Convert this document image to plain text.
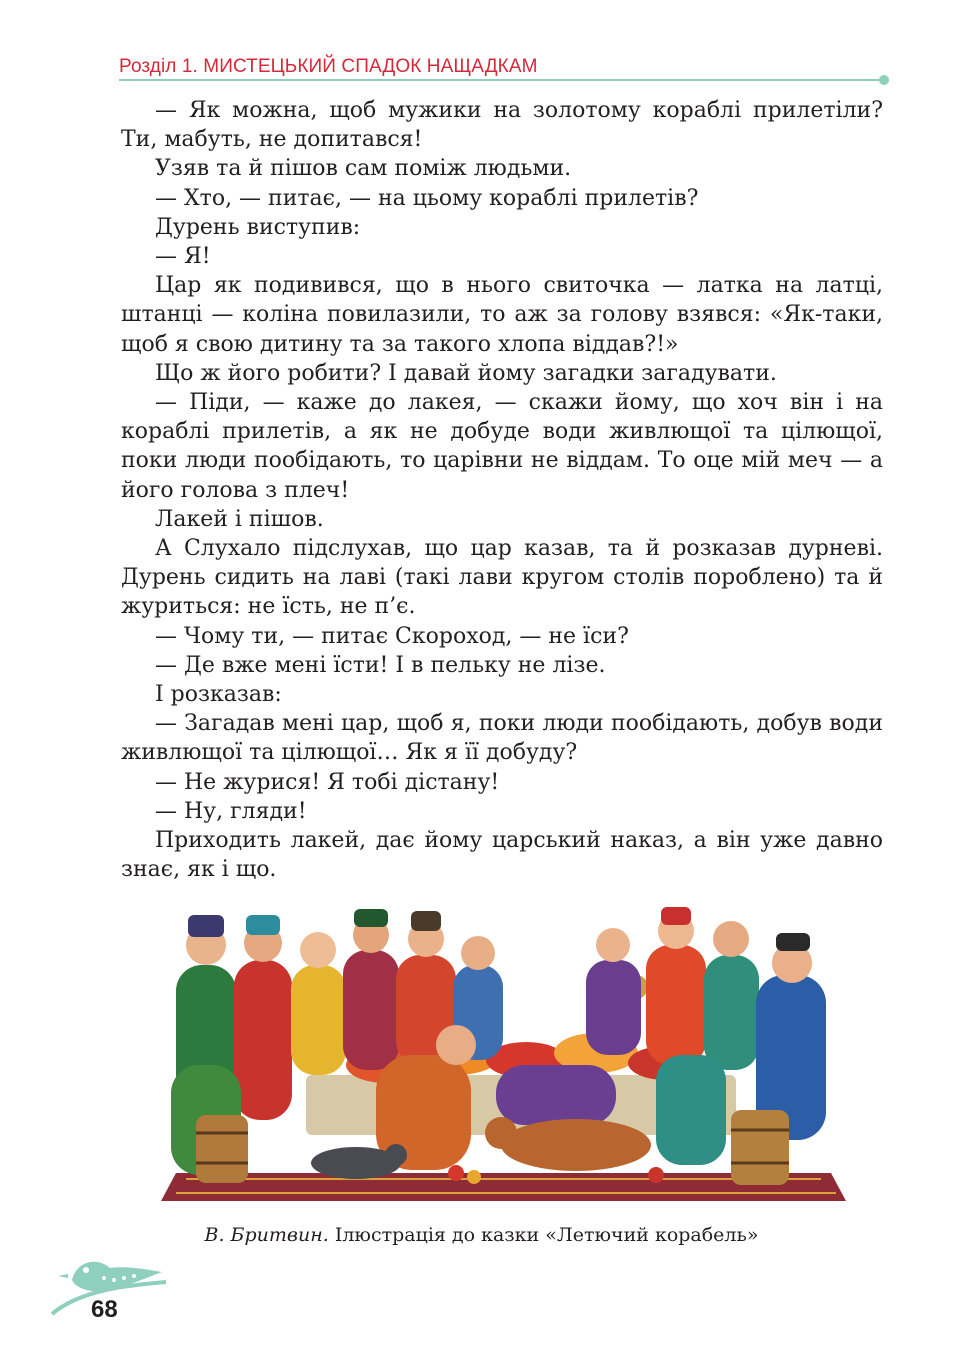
Розділ 1. МИСТЕЦЬКИЙ СПАДОК НАЩАДКАМ

— Як можна, щоб мужики на золотому кораблі прилетіли? Ти, мабуть, не допитався!

Узяв та й пішов сам поміж людьми.

— Хто, — питає, — на цьому кораблі прилетів?

Дурень виступив:

— Я!

Цар як подивився, що в нього свиточка — латка на латці, штанці — коліна повилазили, то аж за голову взявся: «Як-таки, щоб я свою дитину та за такого хлопа віддав?!»

Що ж його робити? І давай йому загадки загадувати.

— Піди, — каже до лакея, — скажи йому, що хоч він і на кораблі прилетів, а як не добуде води живлющої та цілющої, поки люди пообідають, то царівни не віддам. То оце мій меч — а його голова з плеч!

Лакей і пішов.

А Слухало підслухав, що цар казав, та й розказав дурневі. Дурень сидить на лаві (такі лави кругом столів пороблено) та й журиться: не їсть, не п’є.

— Чому ти, — питає Скороход, — не їси?

— Де вже мені їсти! І в пельку не лізе.

І розказав:

— Загадав мені цар, щоб я, поки люди пообідають, добув води живлющої та цілющої… Як я її добуду?

— Не журися! Я тобі дістану!

— Ну, гляди!

Приходить лакей, дає йому царський наказ, а він уже давно знає, як і що.

В. Бритвин. Ілюстрація до казки «Летючий корабель»
68
